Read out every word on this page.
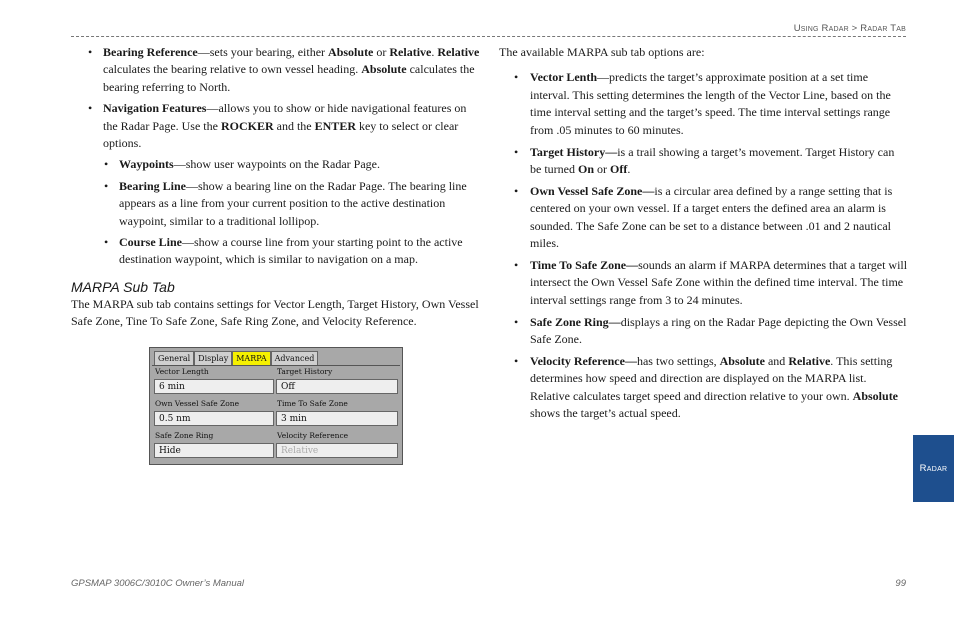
Using Radar > Radar Tab
• Bearing Reference—sets your bearing, either Absolute or Relative. Relative calculates the bearing relative to own vessel heading. Absolute calculates the bearing referring to North.
• Navigation Features—allows you to show or hide navigational features on the Radar Page. Use the ROCKER and the ENTER key to select or clear options.
• Waypoints—show user waypoints on the Radar Page.
• Bearing Line—show a bearing line on the Radar Page. The bearing line appears as a line from your current position to the active destination waypoint, similar to a traditional lollipop.
• Course Line—show a course line from your starting point to the active destination waypoint, which is similar to navigation on a map.
MARPA Sub Tab

The MARPA sub tab contains settings for Vector Length, Target History, Own Vessel Safe Zone, Tine To Safe Zone, Safe Ring Zone, and Velocity Reference.

General	Display	MARPA	Advanced
Vector Length
6 min
Target History
Off
Own Vessel Safe Zone
0.5 nm
Time To Safe Zone
3 min
Safe Zone Ring
Hide
Velocity Reference
Relative

The available MARPA sub tab options are:

• Vector Lenth—predicts the target’s approximate position at a set time interval. This setting determines the length of the Vector Line, based on the time interval setting and the target’s speed. The time interval settings range from .05 minutes to 60 minutes.
• Target History—is a trail showing a target’s movement. Target History can be turned On or Off.
• Own Vessel Safe Zone—is a circular area defined by a range setting that is centered on your own vessel. If a target enters the defined area an alarm is sounded. The Safe Zone can be set to a distance between .01 and 2 nautical miles.
• Time To Safe Zone—sounds an alarm if MARPA determines that a target will intersect the Own Vessel Safe Zone within the defined time interval. The time interval settings range from 3 to 24 minutes.
• Safe Zone Ring—displays a ring on the Radar Page depicting the Own Vessel Safe Zone.
• Velocity Reference—has two settings, Absolute and Relative. This setting determines how speed and direction are displayed on the MARPA list. Relative calculates target speed and direction relative to your own. Absolute shows the target’s actual speed.
Radar
GPSMAP 3006C/3010C Owner’s Manual	99
